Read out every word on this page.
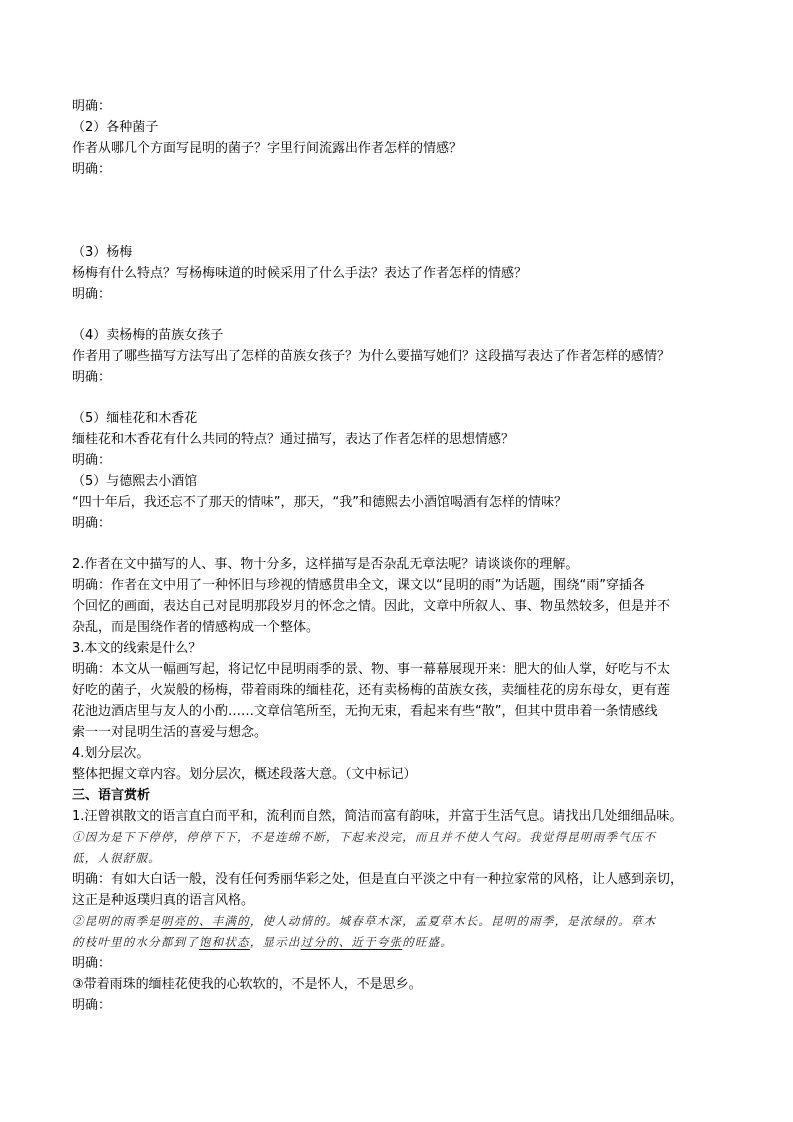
明确：
（2）各种菌子
作者从哪几个方面写昆明的菌子？字里行间流露出作者怎样的情感？
明确：
（3）杨梅
杨梅有什么特点？写杨梅味道的时候采用了什么手法？表达了作者怎样的情感？
明确：
（4）卖杨梅的苗族女孩子
作者用了哪些描写方法写出了怎样的苗族女孩子？为什么要描写她们？这段描写表达了作者怎样的感情？
明确：
（5）缅桂花和木香花
缅桂花和木香花有什么共同的特点？通过描写，表达了作者怎样的思想情感？
明确：
（5）与德熙去小酒馆
“四十年后，我还忘不了那天的情味”，那天，“我”和德熙去小酒馆喝酒有怎样的情味？
明确：
2.作者在文中描写的人、事、物十分多，这样描写是否杂乱无章法呢？请谈谈你的理解。
明确：作者在文中用了一种怀旧与珍视的情感贯串全文，课文以“昆明的雨”为话题，围绕“雨”穿插各
个回忆的画面，表达自己对昆明那段岁月的怀念之情。因此，文章中所叙人、事、物虽然较多，但是并不
杂乱，而是围绕作者的情感构成一个整体。
3.本文的线索是什么？
明确：本文从一幅画写起，将记忆中昆明雨季的景、物、事一幕幕展现开来：肥大的仙人掌，好吃与不太
好吃的菌子，火炭般的杨梅，带着雨珠的缅桂花，还有卖杨梅的苗族女孩，卖缅桂花的房东母女，更有莲
花池边酒店里与友人的小酌……文章信笔所至，无拘无束，看起来有些“散”，但其中贯串着一条情感线
索一一对昆明生活的喜爱与想念。
4.划分层次。
整体把握文章内容。划分层次，概述段落大意。（文中标记）
三、语言赏析
1.汪曾祺散文的语言直白而平和，流利而自然，简洁而富有韵味，并富于生活气息。请找出几处细细品味。
①因为是下下停停，停停下下，不是连绵不断，下起来没完，而且并不使人气闷。我觉得昆明雨季气压不
低，人很舒服。
明确：有如大白话一般，没有任何秀丽华彩之处，但是直白平淡之中有一种拉家常的风格，让人感到亲切，
这正是种返璞归真的语言风格。
②昆明的雨季是明亮的、丰满的，使人动情的。城春草木深，孟夏草木长。昆明的雨季，是浓绿的。草木
的枝叶里的水分都到了饱和状态，显示出过分的、近于夸张的旺盛。
明确：
③带着雨珠的缅桂花使我的心软软的，不是怀人，不是思乡。
明确：
